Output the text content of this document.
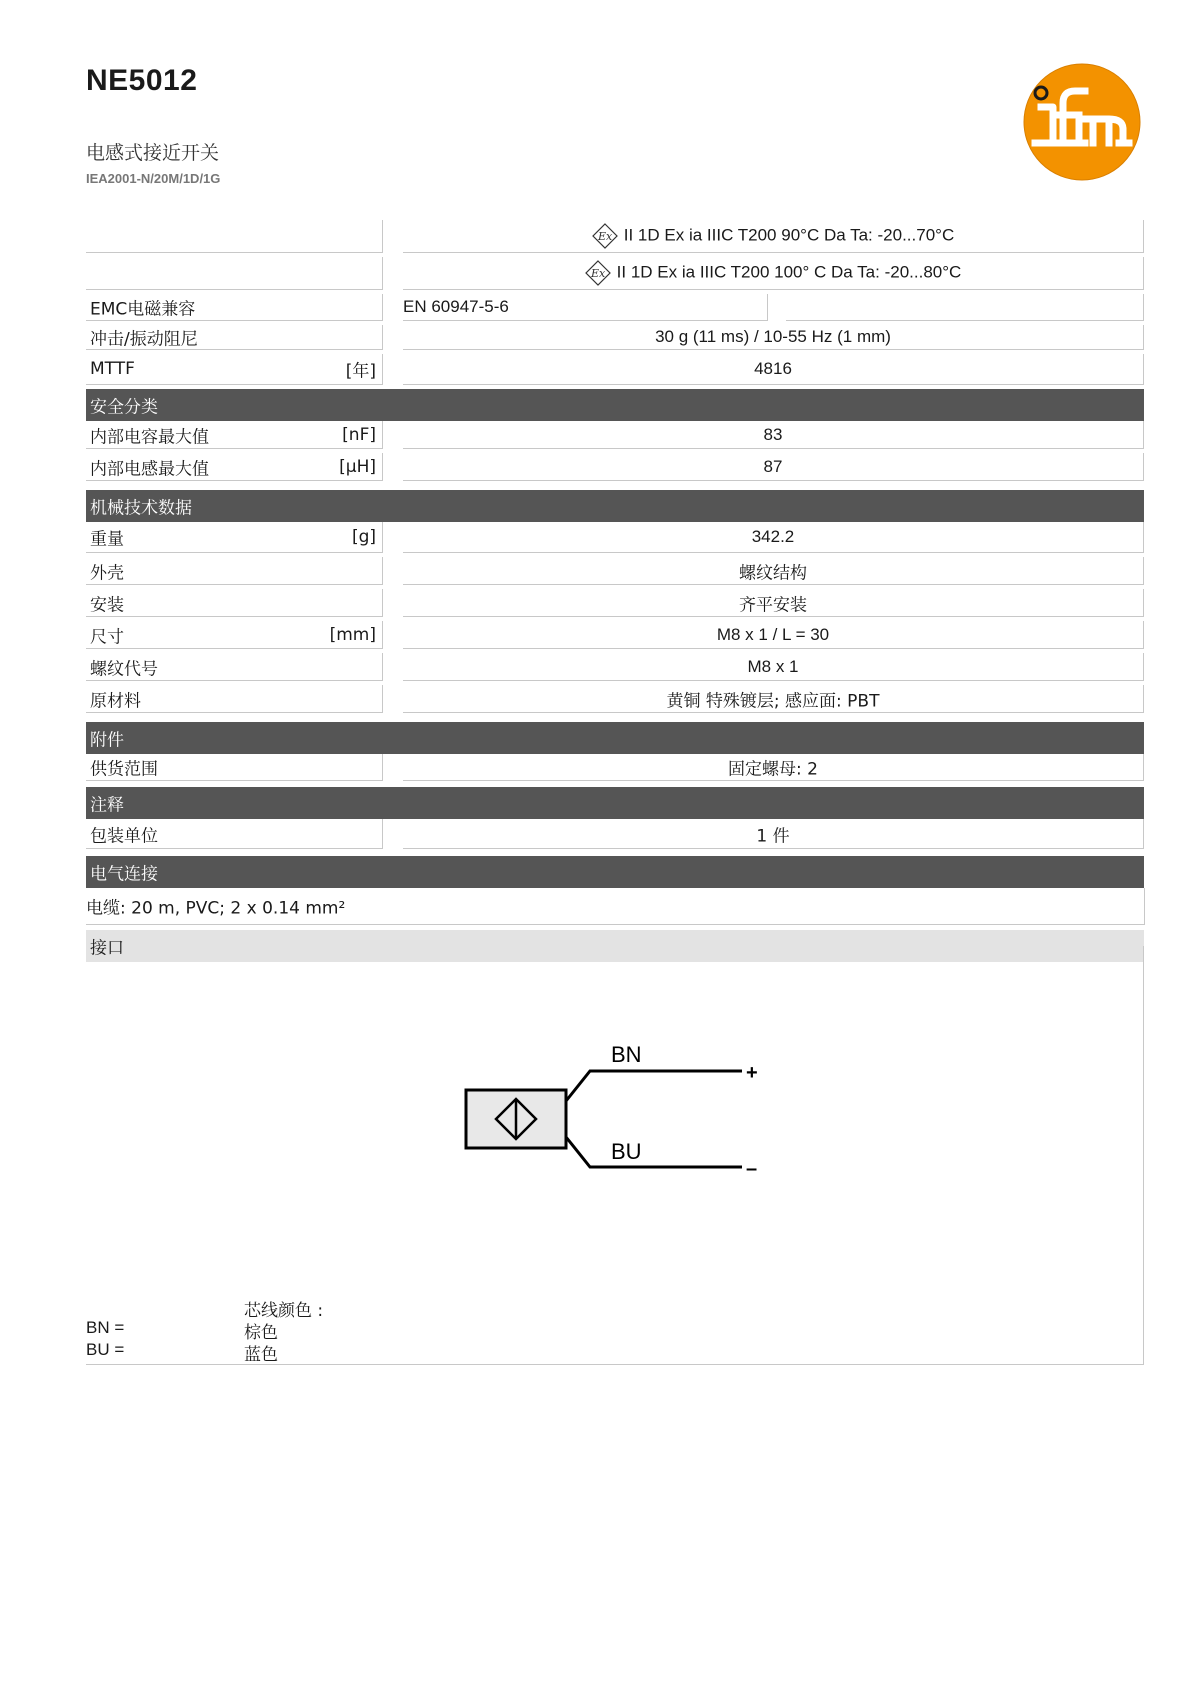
NE5012
电感式接近开关
IEA2001-N/20M/1D/1G
Ex II 1D Ex ia IIIC T200 90°C Da Ta: -20...70°C
Ex II 1D Ex ia IIIC T200 100° C Da Ta: -20...80°C
EMC电磁兼容	EN 60947-5-6
冲击/振动阻尼	30 g (11 ms) / 10-55 Hz (1 mm)
MTTF	[年]	4816
安全分类
内部电容最大值	[nF]	83
内部电感最大值	[µH]	87
机械技术数据
重量	[g]	342.2
外壳	螺纹结构
安装	齐平安装
尺寸	[mm]	M8 x 1 / L = 30
螺纹代号	M8 x 1
原材料	黄铜 特殊镀层; 感应面: PBT
附件
供货范围	固定螺母: 2
注释
包装单位	1 件
电气连接
电缆: 20 m, PVC; 2 x 0.14 mm²
接口
BN
BU
+
–
芯线颜色 :
BN =	棕色
BU =	蓝色
